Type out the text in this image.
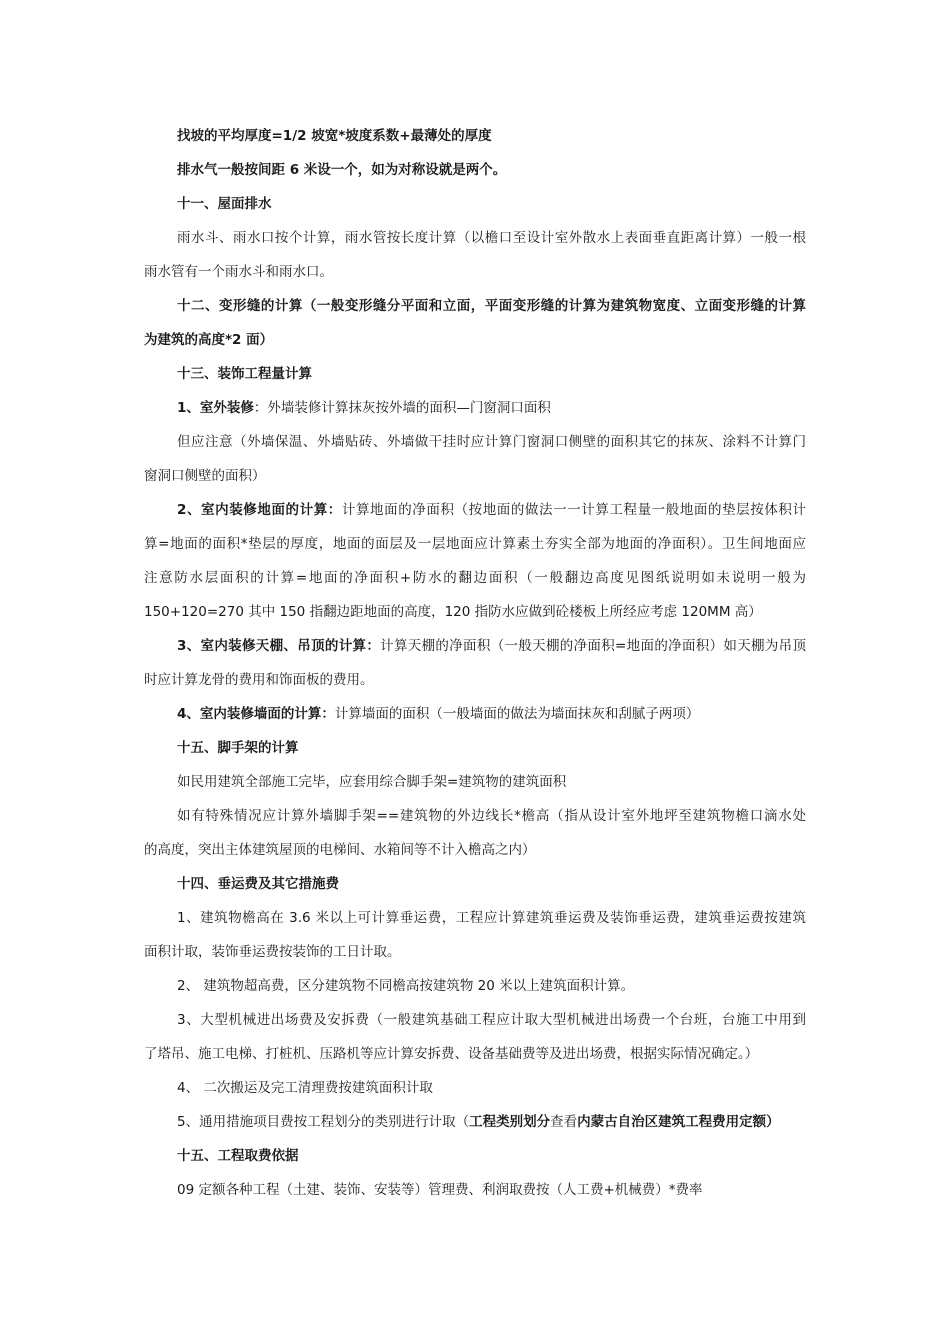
找坡的平均厚度=1/2 坡宽*坡度系数+最薄处的厚度
排水气一般按间距 6 米设一个，如为对称设就是两个。
十一、屋面排水
雨水斗、雨水口按个计算，雨水管按长度计算（以檐口至设计室外散水上表面垂直距离计算）一般一根
雨水管有一个雨水斗和雨水口。
十二、变形缝的计算（一般变形缝分平面和立面，平面变形缝的计算为建筑物宽度、立面变形缝的计算
为建筑的高度*2 面）
十三、装饰工程量计算
1、室外装修：外墙装修计算抹灰按外墙的面积—门窗洞口面积
但应注意（外墙保温、外墙贴砖、外墙做干挂时应计算门窗洞口侧壁的面积其它的抹灰、涂料不计算门
窗洞口侧壁的面积）
2、室内装修地面的计算：计算地面的净面积（按地面的做法一一计算工程量一般地面的垫层按体积计
算=地面的面积*垫层的厚度，地面的面层及一层地面应计算素土夯实全部为地面的净面积）。卫生间地面应
注意防水层面积的计算=地面的净面积+防水的翻边面积（一般翻边高度见图纸说明如未说明一般为
150+120=270 其中 150 指翻边距地面的高度，120 指防水应做到砼楼板上所经应考虑 120MM 高）
3、室内装修天棚、吊顶的计算：计算天棚的净面积（一般天棚的净面积=地面的净面积）如天棚为吊顶
时应计算龙骨的费用和饰面板的费用。
4、室内装修墙面的计算：计算墙面的面积（一般墙面的做法为墙面抹灰和刮腻子两项）
十五、脚手架的计算
如民用建筑全部施工完毕，应套用综合脚手架=建筑物的建筑面积
如有特殊情况应计算外墙脚手架==建筑物的外边线长*檐高（指从设计室外地坪至建筑物檐口滴水处
的高度，突出主体建筑屋顶的电梯间、水箱间等不计入檐高之内）
十四、垂运费及其它措施费
1、建筑物檐高在 3.6 米以上可计算垂运费，工程应计算建筑垂运费及装饰垂运费，建筑垂运费按建筑
面积计取，装饰垂运费按装饰的工日计取。
2、 建筑物超高费，区分建筑物不同檐高按建筑物 20 米以上建筑面积计算。
3、大型机械进出场费及安拆费（一般建筑基础工程应计取大型机械进出场费一个台班，台施工中用到
了塔吊、施工电梯、打桩机、压路机等应计算安拆费、设备基础费等及进出场费，根据实际情况确定。）
4、 二次搬运及完工清理费按建筑面积计取
5、通用措施项目费按工程划分的类别进行计取（工程类别划分查看内蒙古自治区建筑工程费用定额）
十五、工程取费依据
09 定额各种工程（土建、装饰、安装等）管理费、利润取费按（人工费+机械费）*费率
